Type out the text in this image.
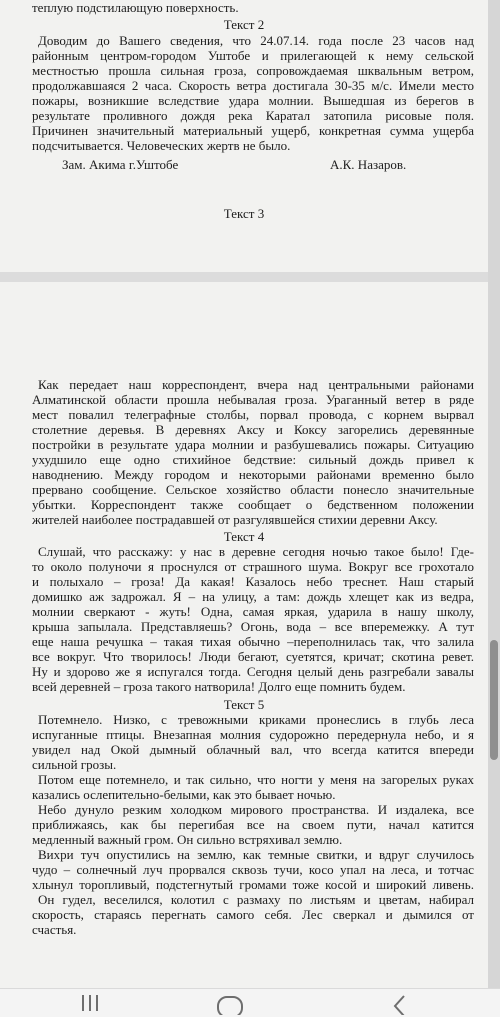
теплую подстилающую поверхность.
Текст 2
Доводим до Вашего сведения, что 24.07.14. года после 23 часов над
районным центром-городом Уштобе и прилегающей к нему сельской
местностью прошла сильная гроза, сопровождаемая шквальным ветром,
продолжавшаяся 2 часа. Скорость ветра достигала 30-35 м/с. Имели место
пожары, возникшие вследствие удара молнии. Вышедшая из берегов в
результате проливного дождя река Каратал затопила рисовые поля.
Причинен значительный материальный ущерб, конкретная сумма ущерба
подсчитывается. Человеческих жертв не было.
Зам. Акима г.Уштобе	А.К. Назаров.
Текст 3
Как передает наш корреспондент, вчера над центральными районами
Алматинской области прошла небывалая гроза. Ураганный ветер в ряде
мест повалил телеграфные столбы, порвал провода, с корнем вырвал
столетние деревья. В деревнях Аксу и Коксу загорелись деревянные
постройки в результате удара молнии и разбушевались пожары. Ситуацию
ухудшило еще одно стихийное бедствие: сильный дождь привел к
наводнению. Между городом и некоторыми районами временно было
прервано сообщение. Сельское хозяйство области понесло значительные
убытки. Корреспондент также сообщает о бедственном положении
жителей наиболее пострадавшей от разгулявшейся стихии деревни Аксу.
Текст 4
Слушай, что расскажу: у нас в деревне сегодня ночью такое было! Где-
то около полуночи я проснулся от страшного шума. Вокруг все грохотало
и полыхало – гроза! Да какая! Казалось небо треснет. Наш старый
домишко аж задрожал. Я – на улицу, а там: дождь хлещет как из ведра,
молнии сверкают - жуть! Одна, самая яркая, ударила в нашу школу,
крыша запылала. Представляешь? Огонь, вода – все вперемежку. А тут
еще наша речушка – такая тихая обычно –переполнилась так, что залила
все вокруг. Что творилось! Люди бегают, суетятся, кричат; скотина ревет.
Ну и здорово же я испугался тогда. Сегодня целый день разгребали завалы
всей деревней – гроза такого натворила! Долго еще помнить будем.
Текст 5
Потемнело. Низко, с тревожными криками пронеслись в глубь леса
испуганные птицы. Внезапная молния судорожно передернула небо, и я
увидел над Окой дымный облачный вал, что всегда катится впереди
сильной грозы.
Потом еще потемнело, и так сильно, что ногти у меня на загорелых руках
казались ослепительно-белыми, как это бывает ночью.
Небо дунуло резким холодком мирового пространства. И издалека, все
приближаясь, как бы перегибая все на своем пути, начал катится
медленный важный гром. Он сильно встряхивал землю.
Вихри туч опустились на землю, как темные свитки, и вдруг случилось
чудо – солнечный луч прорвался сквозь тучи, косо упал на леса, и тотчас
хлынул торопливый, подстегнутый громами тоже косой и широкий ливень.
Он гудел, веселился, колотил с размаху по листьям и цветам, набирал
скорость, стараясь перегнать самого себя. Лес сверкал и дымился от
счастья.
